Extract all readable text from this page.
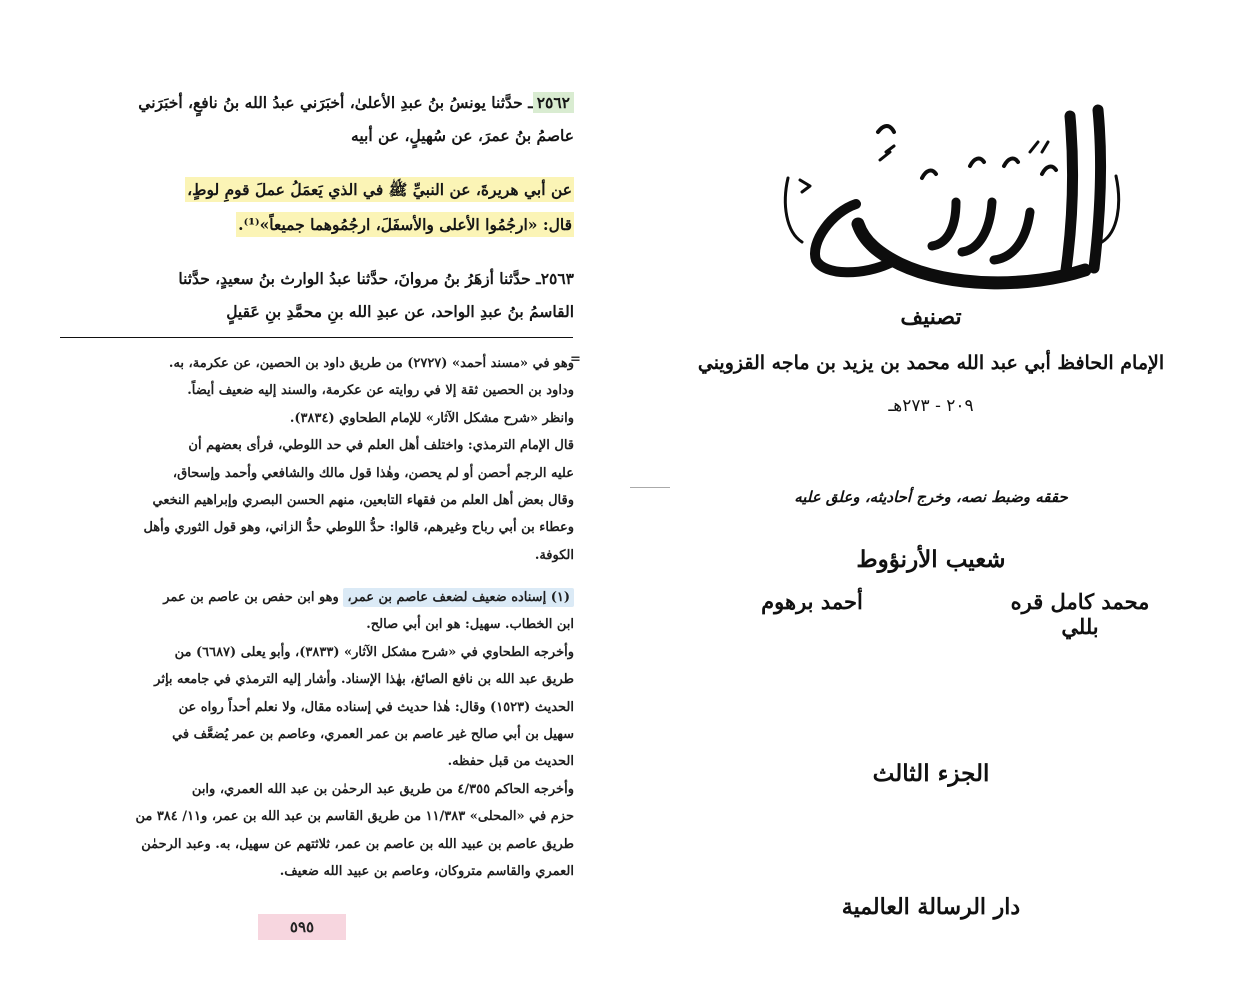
٢٥٦٢ـ حدَّثنا يونسُ بنُ عبدِ الأعلىٰ، أخبَرَني عبدُ الله بنُ نافعٍ، أخبَرَني
عاصمُ بنُ عمرَ، عن سُهيلٍ، عن أبيه
عن أبي هريرةَ، عن النبيِّ ﷺ في الذي يَعمَلُ عملَ قومِ لوطٍ،
قال: «ارجُمُوا الأعلى والأسفَلَ، ارجُمُوهما جميعاً»⁽¹⁾.
٢٥٦٣ـ حدَّثنا أزهَرُ بنُ مروانَ، حدَّثنا عبدُ الوارث بنُ سعيدٍ، حدَّثنا
القاسمُ بنُ عبدِ الواحد، عن عبدِ الله بنِ محمَّدِ بنِ عَقيلٍ
=
وهو في «مسند أحمد» (٢٧٢٧) من طريق داود بن الحصين، عن عكرمة، به.
وداود بن الحصين ثقة إلا في روايته عن عكرمة، والسند إليه ضعيف أيضاً.
وانظر «شرح مشكل الآثار» للإمام الطحاوي (٣٨٣٤).
قال الإمام الترمذي: واختلف أهل العلم في حد اللوطي، فرأى بعضهم أن
عليه الرجم أحصن أو لم يحصن، وهٰذا قول مالك والشافعي وأحمد وإسحاق،
وقال بعض أهل العلم من فقهاء التابعين، منهم الحسن البصري وإبراهيم النخعي
وعطاء بن أبي رباح وغيرهم، قالوا: حدُّ اللوطي حدُّ الزاني، وهو قول الثوري وأهل
الكوفة.
(١) إسناده ضعيف لضعف عاصم بن عمر، وهو ابن حفص بن عاصم بن عمر
ابن الخطاب. سهيل: هو ابن أبي صالح.
وأخرجه الطحاوي في «شرح مشكل الآثار» (٣٨٣٣)، وأبو يعلى (٦٦٨٧) من
طريق عبد الله بن نافع الصائغ، بهٰذا الإسناد. وأشار إليه الترمذي في جامعه بإثر
الحديث (١٥٢٣) وقال: هٰذا حديث في إسناده مقال، ولا نعلم أحداً رواه عن
سهيل بن أبي صالح غير عاصم بن عمر العمري، وعاصم بن عمر يُضعَّف في
الحديث من قبل حفظه.
وأخرجه الحاكم ٤/٣٥٥ من طريق عبد الرحمٰن بن عبد الله العمري، وابن
حزم في «المحلى» ١١/٣٨٣ من طريق القاسم بن عبد الله بن عمر، و١١/ ٣٨٤ من
طريق عاصم بن عبيد الله بن عاصم بن عمر، ثلاثتهم عن سهيل، به. وعبد الرحمٰن
العمري والقاسم متروكان، وعاصم بن عبيد الله ضعيف.
٥٩٥
تصنيف
الإمام الحافظ أبي عبد الله محمد بن يزيد بن ماجه القزويني
٢٠٩ - ٢٧٣هـ
حققه وضبط نصه، وخرج أحاديثه، وعلق عليه
شعيب الأرنؤوط
محمد كامل قره بللي
أحمد برهوم
الجزء الثالث
دار الرسالة العالمية
